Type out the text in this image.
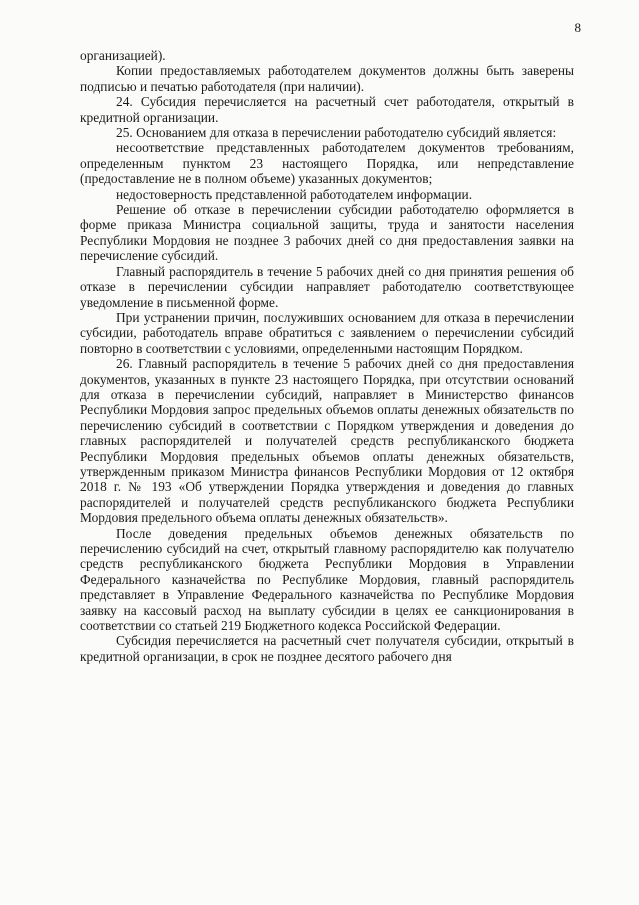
8

организацией).

Копии предоставляемых работодателем документов должны быть заверены подписью и печатью работодателя (при наличии).

24. Субсидия перечисляется на расчетный счет работодателя, открытый в кредитной организации.

25. Основанием для отказа в перечислении работодателю субсидий является:

несоответствие представленных работодателем документов требованиям, определенным пунктом 23 настоящего Порядка, или непредставление (предоставление не в полном объеме) указанных документов;

недостоверность представленной работодателем информации.

Решение об отказе в перечислении субсидии работодателю оформляется в форме приказа Министра социальной защиты, труда и занятости населения Республики Мордовия не позднее 3 рабочих дней со дня предоставления заявки на перечисление субсидий.

Главный распорядитель в течение 5 рабочих дней со дня принятия решения об отказе в перечислении субсидии направляет работодателю соответствующее уведомление в письменной форме.

При устранении причин, послуживших основанием для отказа в перечислении субсидии, работодатель вправе обратиться с заявлением о перечислении субсидий повторно в соответствии с условиями, определенными настоящим Порядком.

26. Главный распорядитель в течение 5 рабочих дней со дня предоставления документов, указанных в пункте 23 настоящего Порядка, при отсутствии оснований для отказа в перечислении субсидий, направляет в Министерство финансов Республики Мордовия запрос предельных объемов оплаты денежных обязательств по перечислению субсидий в соответствии с Порядком утверждения и доведения до главных распорядителей и получателей средств республиканского бюджета Республики Мордовия предельных объемов оплаты денежных обязательств, утвержденным приказом Министра финансов Республики Мордовия от 12 октября 2018 г. № 193 «Об утверждении Порядка утверждения и доведения до главных распорядителей и получателей средств республиканского бюджета Республики Мордовия предельного объема оплаты денежных обязательств».

После доведения предельных объемов денежных обязательств по перечислению субсидий на счет, открытый главному распорядителю как получателю средств республиканского бюджета Республики Мордовия в Управлении Федерального казначейства по Республике Мордовия, главный распорядитель представляет в Управление Федерального казначейства по Республике Мордовия заявку на кассовый расход на выплату субсидии в целях ее санкционирования в соответствии со статьей 219 Бюджетного кодекса Российской Федерации.

Субсидия перечисляется на расчетный счет получателя субсидии, открытый в кредитной организации, в срок не позднее десятого рабочего дня
